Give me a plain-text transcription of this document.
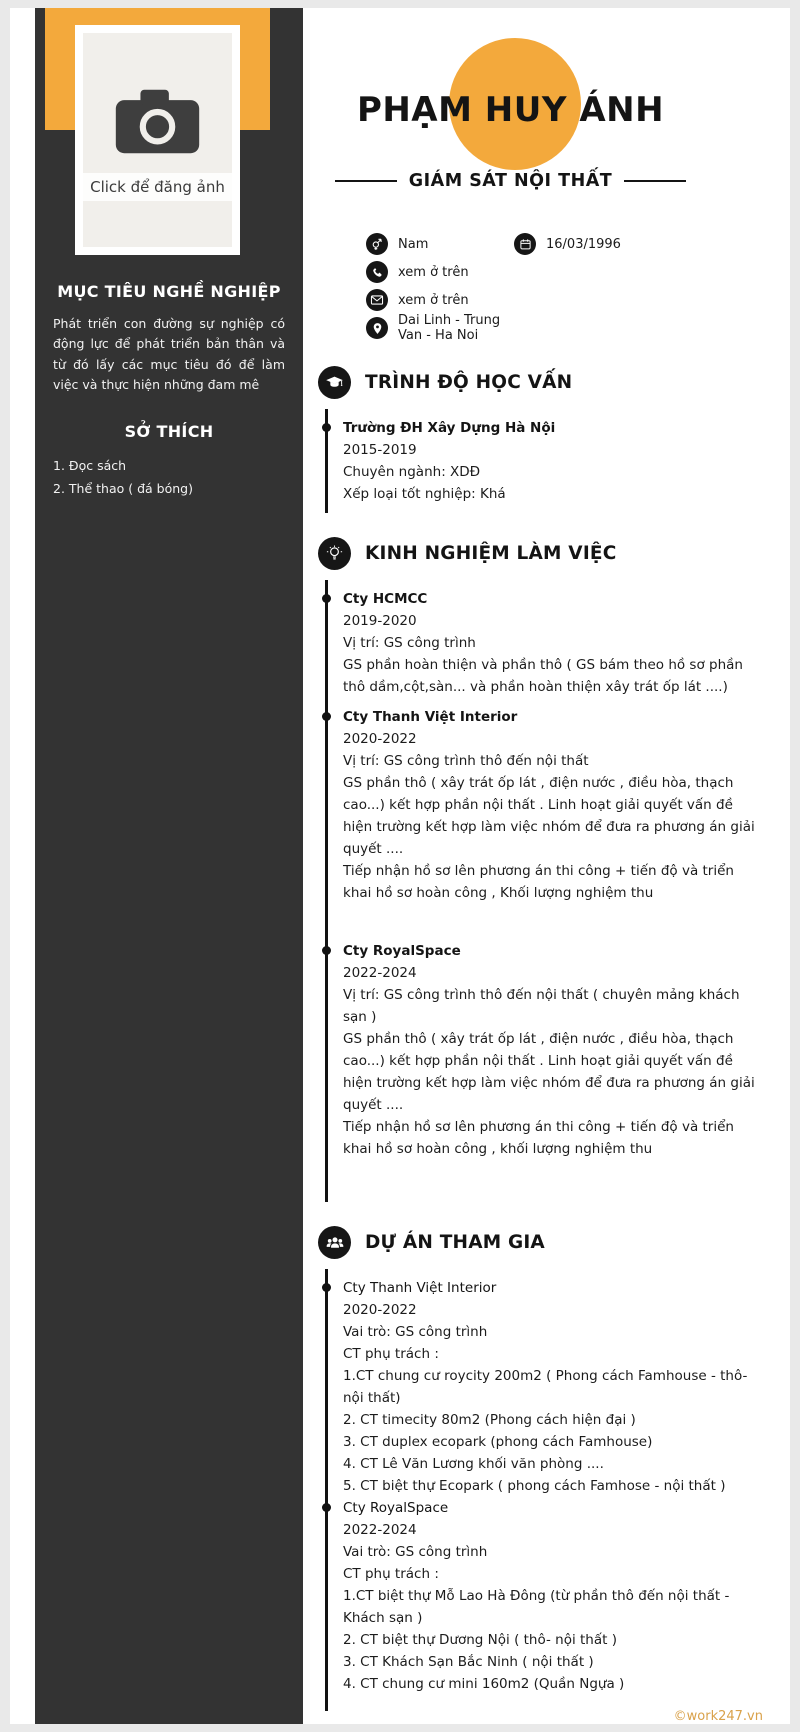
Click để đăng ảnh
MỤC TIÊU NGHỀ NGHIỆP

Phát triển con đường sự nghiệp có động lực để phát triển bản thân và từ đó lấy các mục tiêu đó để làm việc và thực hiện những đam mê

SỞ THÍCH
1. Đọc sách
2. Thể thao ( đá bóng)
PHẠM HUY ÁNH
GIÁM SÁT NỘI THẤT
Nam	16/03/1996
xem ở trên
xem ở trên
Dai Linh - Trung Van - Ha Noi
TRÌNH ĐỘ HỌC VẤN
Trường ĐH Xây Dựng Hà Nội
2015-2019
Chuyên ngành: XDĐ
Xếp loại tốt nghiệp: Khá
KINH NGHIỆM LÀM VIỆC
Cty HCMCC
2019-2020
Vị trí: GS công trình
GS phần hoàn thiện và phần thô ( GS bám theo hồ sơ phần thô dầm,cột,sàn... và phần hoàn thiện xây trát ốp lát ....)
Cty Thanh Việt Interior
2020-2022
Vị trí: GS công trình thô đến nội thất
GS phần thô ( xây trát ốp lát , điện nước , điều hòa, thạch cao...) kết hợp phần nội thất . Linh hoạt giải quyết vấn đề hiện trường kết hợp làm việc nhóm để đưa ra phương án giải quyết ....
Tiếp nhận hồ sơ lên phương án thi công + tiến độ và triển khai hồ sơ hoàn công , Khối lượng nghiệm thu
Cty RoyalSpace
2022-2024
Vị trí: GS công trình thô đến nội thất ( chuyên mảng khách sạn )
GS phần thô ( xây trát ốp lát , điện nước , điều hòa, thạch cao...) kết hợp phần nội thất . Linh hoạt giải quyết vấn đề hiện trường kết hợp làm việc nhóm để đưa ra phương án giải quyết ....
Tiếp nhận hồ sơ lên phương án thi công + tiến độ và triển khai hồ sơ hoàn công , khối lượng nghiệm thu
DỰ ÁN THAM GIA
Cty Thanh Việt Interior
2020-2022
Vai trò: GS công trình
CT phụ trách :
1.CT chung cư roycity 200m2 ( Phong cách Famhouse - thô- nội thất)
2. CT timecity 80m2 (Phong cách hiện đại )
3. CT duplex ecopark (phong cách Famhouse)
4. CT Lê Văn Lương khối văn phòng ....
5. CT biệt thự Ecopark ( phong cách Famhose - nội thất )
Cty RoyalSpace
2022-2024
Vai trò: GS công trình
CT phụ trách :
1.CT biệt thự Mỗ Lao Hà Đông (từ phần thô đến nội thất -Khách sạn )
2. CT biệt thự Dương Nội ( thô- nội thất )
3. CT Khách Sạn Bắc Ninh ( nội thất )
4. CT chung cư mini 160m2 (Quần Ngựa )
©work247.vn
